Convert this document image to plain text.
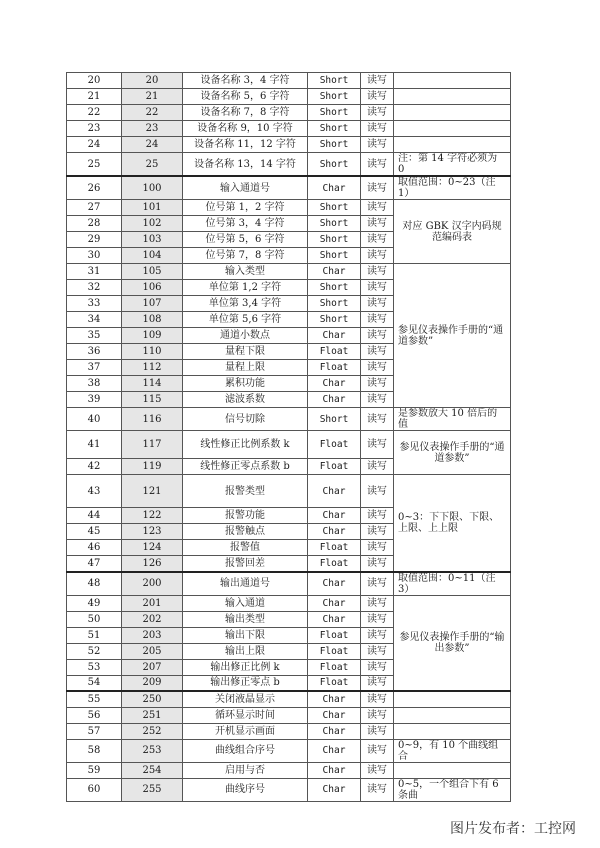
20	20	设备名称 3，4 字符	Short	读写	
21	21	设备名称 5，6 字符	Short	读写	
22	22	设备名称 7，8 字符	Short	读写	
23	23	设备名称 9，10 字符	Short	读写	
24	24	设备名称 11，12 字符	Short	读写	
25	25	设备名称 13，14 字符	Short	读写	注：第 14 字符必须为 0
26	100	输入通道号	Char	读写	取值范围：0~23（注 1）
27	101	位号第 1，2 字符	Short	读写	对应 GBK 汉字内码规范编码表
28	102	位号第 3，4 字符	Short	读写	
29	103	位号第 5，6 字符	Short	读写	
30	104	位号第 7，8 字符	Short	读写	
31	105	输入类型	Char	读写	参见仪表操作手册的“通道参数”
32	106	单位第 1,2 字符	Short	读写	
33	107	单位第 3,4 字符	Short	读写	
34	108	单位第 5,6 字符	Short	读写	
35	109	通道小数点	Char	读写	
36	110	量程下限	Float	读写	
37	112	量程上限	Float	读写	
38	114	累积功能	Char	读写	
39	115	滤波系数	Char	读写	
40	116	信号切除	Short	读写	是参数放大 10 倍后的值
41	117	线性修正比例系数 k	Float	读写	参见仪表操作手册的“通道参数”
42	119	线性修正零点系数 b	Float	读写	
43	121	报警类型	Char	读写	0~3：下下限、下限、上限、上上限
44	122	报警功能	Char	读写	
45	123	报警触点	Char	读写	
46	124	报警值	Float	读写	
47	126	报警回差	Float	读写	
48	200	输出通道号	Char	读写	取值范围：0~11（注 3）
49	201	输入通道	Char	读写	参见仪表操作手册的“输出参数”
50	202	输出类型	Char	读写	
51	203	输出下限	Float	读写	
52	205	输出上限	Float	读写	
53	207	输出修正比例 k	Float	读写	
54	209	输出修正零点 b	Float	读写	
55	250	关闭液晶显示	Char	读写	
56	251	循环显示时间	Char	读写	
57	252	开机显示画面	Char	读写	
58	253	曲线组合序号	Char	读写	0~9，有 10 个曲线组合
59	254	启用与否	Char	读写	
60	255	曲线序号	Char	读写	0~5，一个组合下有 6 条曲
图片发布者：工控网
